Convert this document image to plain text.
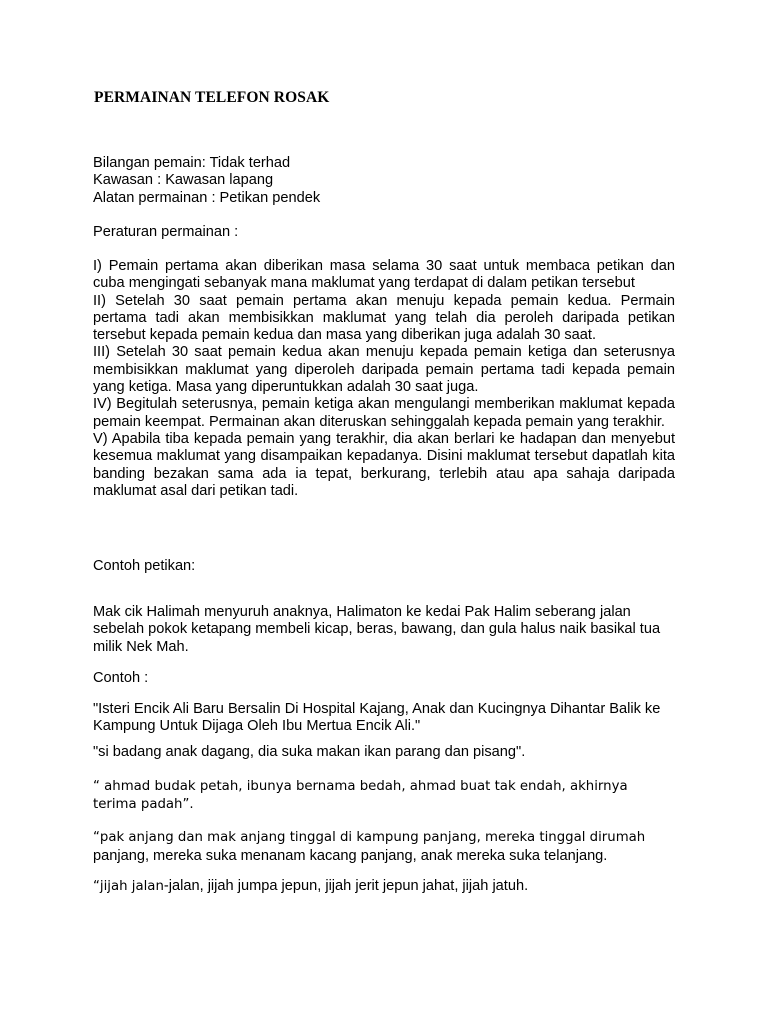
PERMAINAN TELEFON ROSAK

Bilangan pemain: Tidak terhad

Kawasan : Kawasan lapang

Alatan permainan : Petikan pendek

Peraturan permainan :

I) Pemain pertama akan diberikan masa selama 30 saat untuk membaca petikan dan cuba mengingati sebanyak mana maklumat yang terdapat di dalam petikan tersebut

II) Setelah 30 saat pemain pertama akan menuju kepada pemain kedua. Permain pertama tadi akan membisikkan maklumat yang telah dia peroleh daripada petikan tersebut kepada pemain kedua dan masa yang diberikan juga adalah 30 saat.

III) Setelah 30 saat pemain kedua akan menuju kepada pemain ketiga dan seterusnya membisikkan maklumat yang diperoleh daripada pemain pertama tadi kepada pemain yang ketiga. Masa yang diperuntukkan adalah 30 saat juga.

IV) Begitulah seterusnya, pemain ketiga akan mengulangi memberikan maklumat kepada pemain keempat. Permainan akan diteruskan sehinggalah kepada pemain yang terakhir.

V) Apabila tiba kepada pemain yang terakhir, dia akan berlari ke hadapan dan menyebut kesemua maklumat yang disampaikan kepadanya. Disini maklumat tersebut dapatlah kita banding bezakan sama ada ia tepat, berkurang, terlebih atau apa sahaja daripada maklumat asal dari petikan tadi.

Contoh petikan:
Mak cik Halimah menyuruh anaknya, Halimaton ke kedai Pak Halim seberang jalan sebelah pokok ketapang membeli kicap, beras, bawang, dan gula halus naik basikal tua milik Nek Mah.
Contoh :
"Isteri Encik Ali Baru Bersalin Di Hospital Kajang, Anak dan Kucingnya Dihantar Balik ke Kampung Untuk Dijaga Oleh Ibu Mertua Encik Ali."
"si badang anak dagang, dia suka makan ikan parang dan pisang".
“ ahmad budak petah, ibunya bernama bedah, ahmad buat tak endah, akhirnya terima padah”.

“pak anjang dan mak anjang tinggal di kampung panjang, mereka tinggal dirumah

panjang, mereka suka menanam kacang panjang, anak mereka suka telanjang.

“jijah jalan-jalan, jijah jumpa jepun, jijah jerit jepun jahat, jijah jatuh.
